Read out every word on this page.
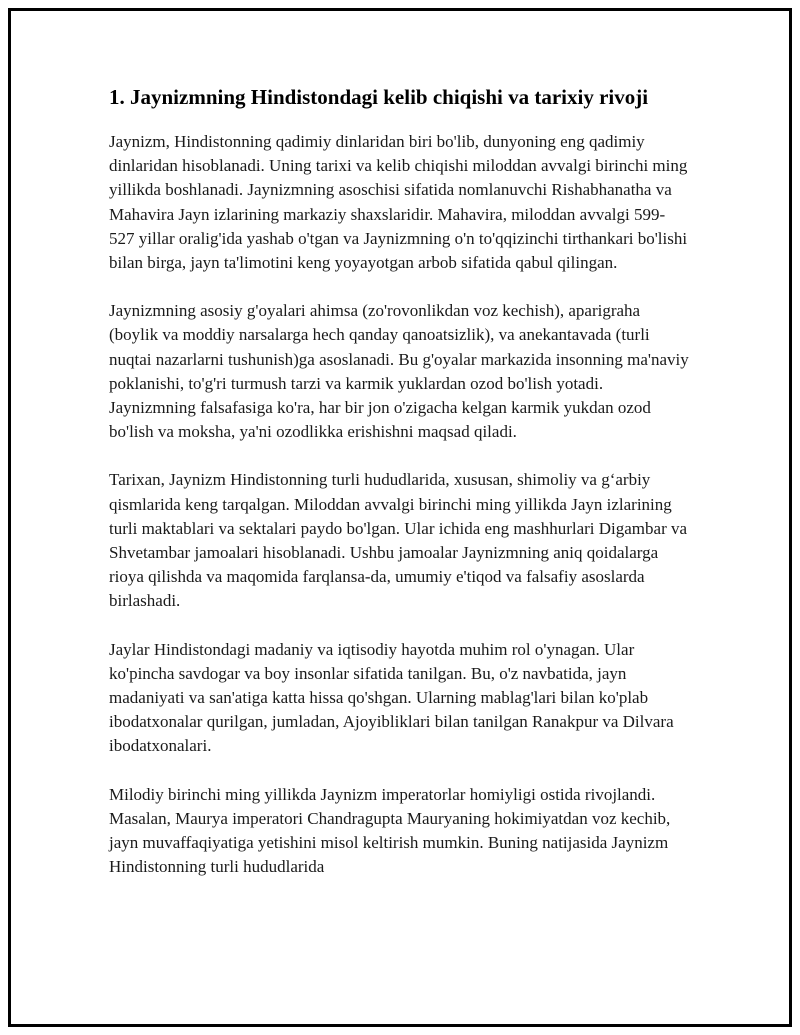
1. Jaynizmning Hindistondagi kelib chiqishi va tarixiy rivoji

Jaynizm, Hindistonning qadimiy dinlaridan biri bo'lib, dunyoning eng qadimiy dinlaridan hisoblanadi. Uning tarixi va kelib chiqishi miloddan avvalgi birinchi ming yillikda boshlanadi. Jaynizmning asoschisi sifatida nomlanuvchi Rishabhanatha va Mahavira Jayn izlarining markaziy shaxslaridir. Mahavira, miloddan avvalgi 599-527 yillar oralig'ida yashab o'tgan va Jaynizmning o'n to'qqizinchi tirthankari bo'lishi bilan birga, jayn ta'limotini keng yoyayotgan arbob sifatida qabul qilingan.

Jaynizmning asosiy g'oyalari ahimsa (zo'rovonlikdan voz kechish), aparigraha (boylik va moddiy narsalarga hech qanday qanoatsizlik), va anekantavada (turli nuqtai nazarlarni tushunish)ga asoslanadi. Bu g'oyalar markazida insonning ma'naviy poklanishi, to'g'ri turmush tarzi va karmik yuklardan ozod bo'lish yotadi. Jaynizmning falsafasiga ko'ra, har bir jon o'zigacha kelgan karmik yukdan ozod bo'lish va moksha, ya'ni ozodlikka erishishni maqsad qiladi.

Tarixan, Jaynizm Hindistonning turli hududlarida, xususan, shimoliy va g‘arbiy qismlarida keng tarqalgan. Miloddan avvalgi birinchi ming yillikda Jayn izlarining turli maktablari va sektalari paydo bo'lgan. Ular ichida eng mashhurlari Digambar va Shvetambar jamoalari hisoblanadi. Ushbu jamoalar Jaynizmning aniq qoidalarga rioya qilishda va maqomida farqlansa-da, umumiy e'tiqod va falsafiy asoslarda birlashadi.

Jaylar Hindistondagi madaniy va iqtisodiy hayotda muhim rol o'ynagan. Ular ko'pincha savdogar va boy insonlar sifatida tanilgan. Bu, o'z navbatida, jayn madaniyati va san'atiga katta hissa qo'shgan. Ularning mablag'lari bilan ko'plab ibodatxonalar qurilgan, jumladan, Ajoyibliklari bilan tanilgan Ranakpur va Dilvara ibodatxonalari.

Milodiy birinchi ming yillikda Jaynizm imperatorlar homiyligi ostida rivojlandi. Masalan, Maurya imperatori Chandragupta Mauryaning hokimiyatdan voz kechib, jayn muvaffaqiyatiga yetishini misol keltirish mumkin. Buning natijasida Jaynizm Hindistonning turli hududlarida
